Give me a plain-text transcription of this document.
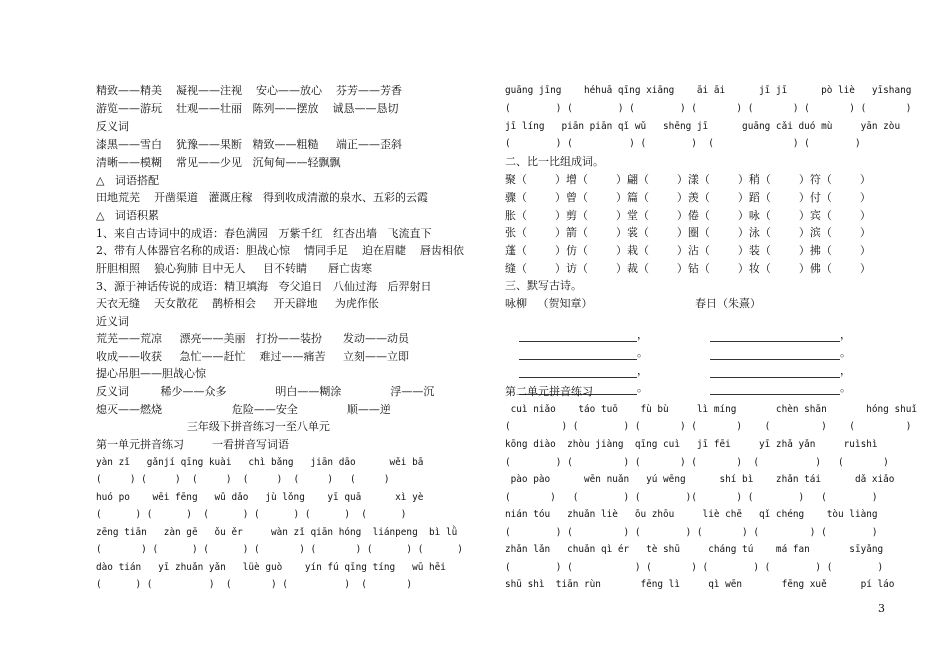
精致——精美    凝视——注视    安心——放心    芬芳——芳香
游览——游玩    壮观——壮丽   陈列——摆放    诚恳——恳切
反义词
漆黑——雪白    犹豫——果断   精致——粗糙     端正——歪斜
清晰——模糊    常见——少见   沉甸甸——轻飘飘
△   词语搭配
田地荒芜    开凿渠道   灌溉庄稼   得到收成清澈的泉水、五彩的云霞
△   词语积累
1、来自古诗词中的成语：春色满园   万紫千红   红杏出墙   飞流直下
2、带有人体器官名称的成语：胆战心惊    情同手足    迫在眉睫    唇齿相依
肝胆相照    狼心狗肺 目中无人     目不转睛      唇亡齿寒
3、源于神话传说的成语：精卫填海   夸父追日   八仙过海   后羿射日
天衣无缝    天女散花    鹊桥相会     开天辟地     为虎作伥
近义词
荒芜——荒凉     漂亮——美丽   打扮——装扮      发动——动员
收成——收获     急忙——赶忙    难过——痛苦     立刻——立即
提心吊胆——胆战心惊
反义词         稀少——众多              明白——糊涂              浮——沉
熄灭——燃烧                    危险——安全              顺——逆
三年级下拼音练习一至八单元
第一单元拼音练习        一看拼音写词语
yàn zǐ   gǎnjí qīng kuài   chì bǎng   jiān dāo      wěi bā
(     ) (     )  (     )  (     )  (     )   (     )
huó po    wēi fēng   wǔ dǎo   jù lǒng    yī quā      xì yè
(      ) (      )  (      ) (      ) (      )  (      )
zēng tiān   zàn gē   ǒu ěr     wàn zǐ qiān hóng  liánpeng  bì lǜ
(       ) (      ) (      ) (       ) (       ) (      ) (      )
dào tián   yī zhuǎn yǎn   lüè guò    yín fú qīng tíng   wū hēi
(      ) (          )  (       ) (          )  (       )
guāng jīng    héhuā qīng xiāng    āi āi      jī jī      pò liè   yīshang
(        ) (        ) (        ) (       ) (       ) (       ) (       )
jī líng   piān piān qǐ wǔ   shēng jī      guāng cǎi duó mù     yān zòu
(        ) (          ) (        )  (              ) (        )
二、比一比组成词。
聚（        ）增（        ）翩（        ）漾（        ）稍（        ）符（        ）
骤（        ）曾（        ）篇（        ）羡（        ）蹈（        ）付（        ）
胀（        ）剪（        ）堂（        ）倦（        ）咏（        ）宾（        ）
张（        ）箭（        ）裳（        ）圈（        ）泳（        ）滨（        ）
蓬（        ）仿（        ）栽（        ）沾（        ）装（        ）拂（        ）
缝（        ）访（        ）裁（        ）钻（        ）妆（        ）佛（        ）
三、默写古诗。
咏柳   （贺知章）	春日（朱熹）

，	，

。	。

，	，

。	。

第二单元拼音练习
cuì niǎo    táo tuō    fù bù     lì míng       chèn shān       hóng shuǐ
(         ) (        ) (       ) (       )    (         )    (         )
kōng diào  zhòu jiàng  qīng cuì   jī fēi     yī zhǎ yǎn     ruìshì
(        ) (         ) (       ) (       )  (          )   (       )
pào pào      wēn nuǎn   yú wēng      shí bì    zhǎn tái      dǎ xiǎo
(       )   (        ) (        )(       ) (        )   (        )
nián tóu   zhuǎn liè   ōu zhōu     liè chē   qǐ chéng    tòu liàng
(        ) (         ) (        ) (       ) (         ) (        )
zhǎn lǎn   chuǎn qì ér   tè shū     cháng tú    má fan       sīyǎng
(        ) (           ) (       ) (        ) (        ) (        )
shū shì  tiān rùn       fēng lì     qì wēn       fēng xuě      pí láo
3
